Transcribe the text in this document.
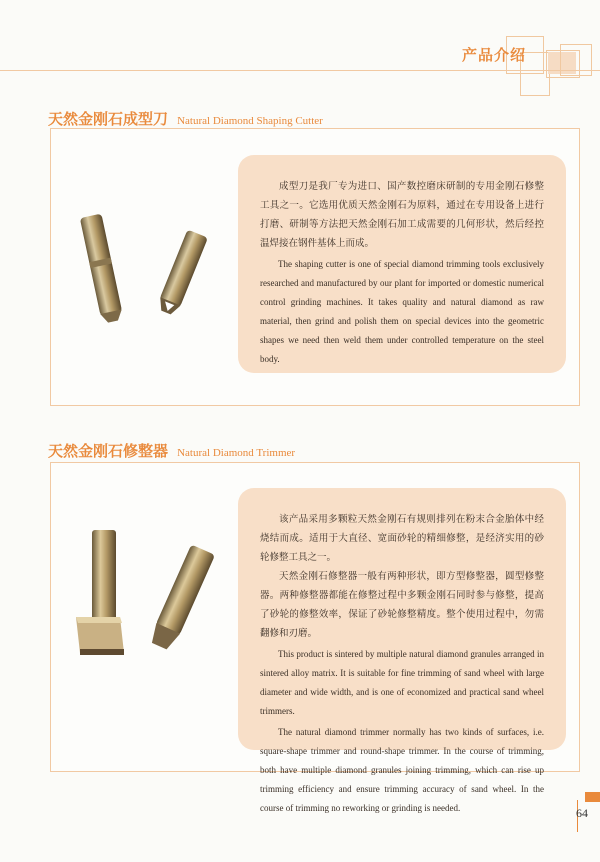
产品介绍
天然金刚石成型刀 Natural Diamond Shaping Cutter

成型刀是我厂专为进口、国产数控磨床研制的专用金刚石修整工具之一。它选用优质天然金刚石为原料，通过在专用设备上进行打磨、研制等方法把天然金刚石加工成需要的几何形状，然后经控温焊接在钢件基体上而成。

The shaping cutter is one of special diamond trimming tools exclusively researched and manufactured by our plant for imported or domestic numerical control grinding machines. It takes quality and natural diamond as raw material, then grind and polish them on special devices into the geometric shapes we need then weld them under controlled temperature on the steel body.

天然金刚石修整器 Natural Diamond Trimmer

该产品采用多颗粒天然金刚石有规则排列在粉末合金胎体中经烧结而成。适用于大直径、宽面砂轮的精细修整，是经济实用的砂轮修整工具之一。

天然金刚石修整器一般有两种形状，即方型修整器，圆型修整器。两种修整器都能在修整过程中多颗金刚石同时参与修整，提高了砂轮的修整效率，保证了砂轮修整精度。整个使用过程中，勿需翻修和刃磨。

This product is sintered by multiple natural diamond granules arranged in sintered alloy matrix. It is suitable for fine trimming of sand wheel with large diameter and wide width, and is one of economized and practical sand wheel trimmers.

The natural diamond trimmer normally has two kinds of surfaces, i.e. square-shape trimmer and round-shape trimmer. In the course of trimming, both have multiple diamond granules joining trimming, which can rise up trimming efficiency and ensure trimming accuracy of sand wheel. In the course of trimming no reworking or grinding is needed.	64
